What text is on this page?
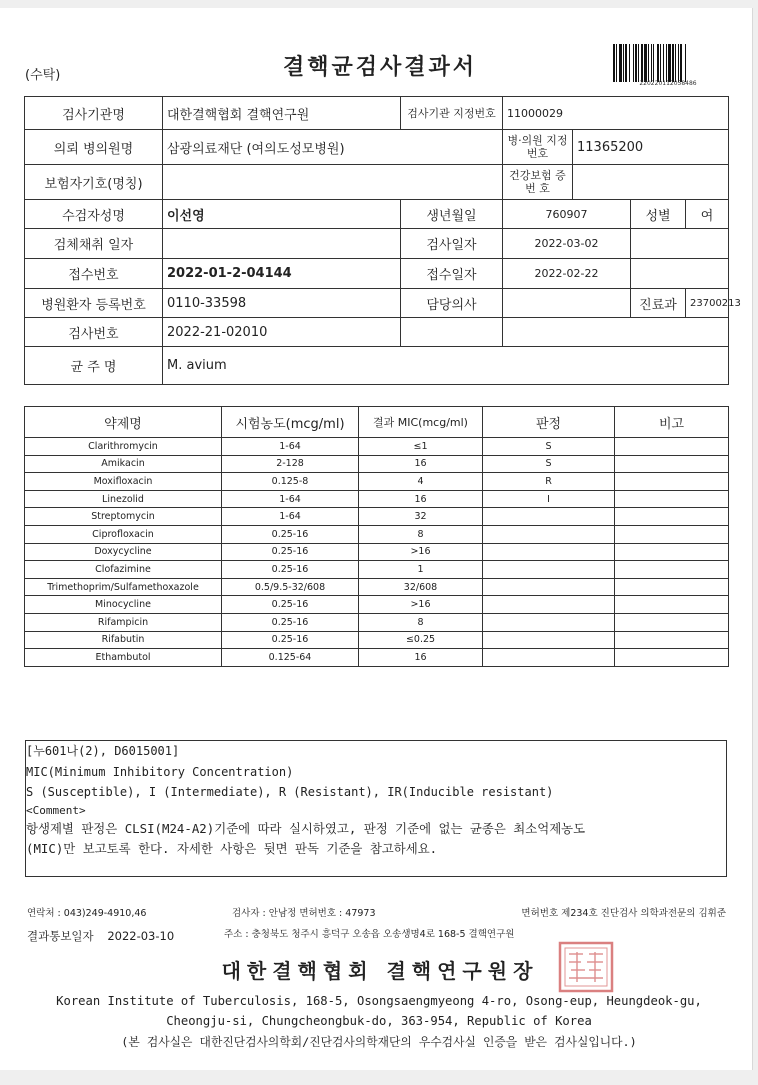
(수탁)	결핵균검사결과서
220220112058486
검사기관명	대한결핵협회 결핵연구원	검사기관 지정번호	11000029			
의뢰 병의원명	삼광의료재단 (여의도성모병원)		병·의원 지정번호	11365200		
보험자기호(명칭)			건강보험 증 번 호			
수검자성명	이선영	생년월일	760907		성별	여
검체채취 일자		검사일자	2022-03-02			
접수번호	2022-01-2-04144	접수일자	2022-02-22			
병원환자 등록번호	0110-33598	담당의사			진료과	23700213
검사번호	2022-21-02010					
균 주 명	M. avium					
약제명	시험농도(mcg/ml)	결과 MIC(mcg/ml)	판정	비고
Clarithromycin	1-64	≤1	S	
Amikacin	2-128	16	S	
Moxifloxacin	0.125-8	4	R	
Linezolid	1-64	16	I	
Streptomycin	1-64	32		
Ciprofloxacin	0.25-16	8		
Doxycycline	0.25-16	>16		
Clofazimine	0.25-16	1		
Trimethoprim/Sulfamethoxazole	0.5/9.5-32/608	32/608		
Minocycline	0.25-16	>16		
Rifampicin	0.25-16	8		
Rifabutin	0.25-16	≤0.25		
Ethambutol	0.125-64	16		
[누601나(2), D6015001]
MIC(Minimum Inhibitory Concentration)
S (Susceptible), I (Intermediate), R (Resistant), IR(Inducible resistant)
<Comment>
항생제별 판정은 CLSI(M24-A2)기준에 따라 실시하였고, 판정 기준에 없는 균종은 최소억제농도
(MIC)만 보고토록 한다. 자세한 사항은 뒷면 판독 기준을 참고하세요.
연락처 : 043)249-4910,46	검사자 : 안남정 면허번호 : 47973	면허번호 제234호 진단검사 의학과전문의 김휘준
결과통보일자 2022-03-10	주소 : 충청북도 청주시 흥덕구 오송읍 오송생명4로 168-5 결핵연구원
대한결핵협회 결핵연구원장
Korean Institute of Tuberculosis, 168-5, Osongsaengmyeong 4-ro, Osong-eup, Heungdeok-gu,
Cheongju-si, Chungcheongbuk-do, 363-954, Republic of Korea
(본 검사실은 대한진단검사의학회/진단검사의학재단의 우수검사실 인증을 받은 검사실입니다.)
